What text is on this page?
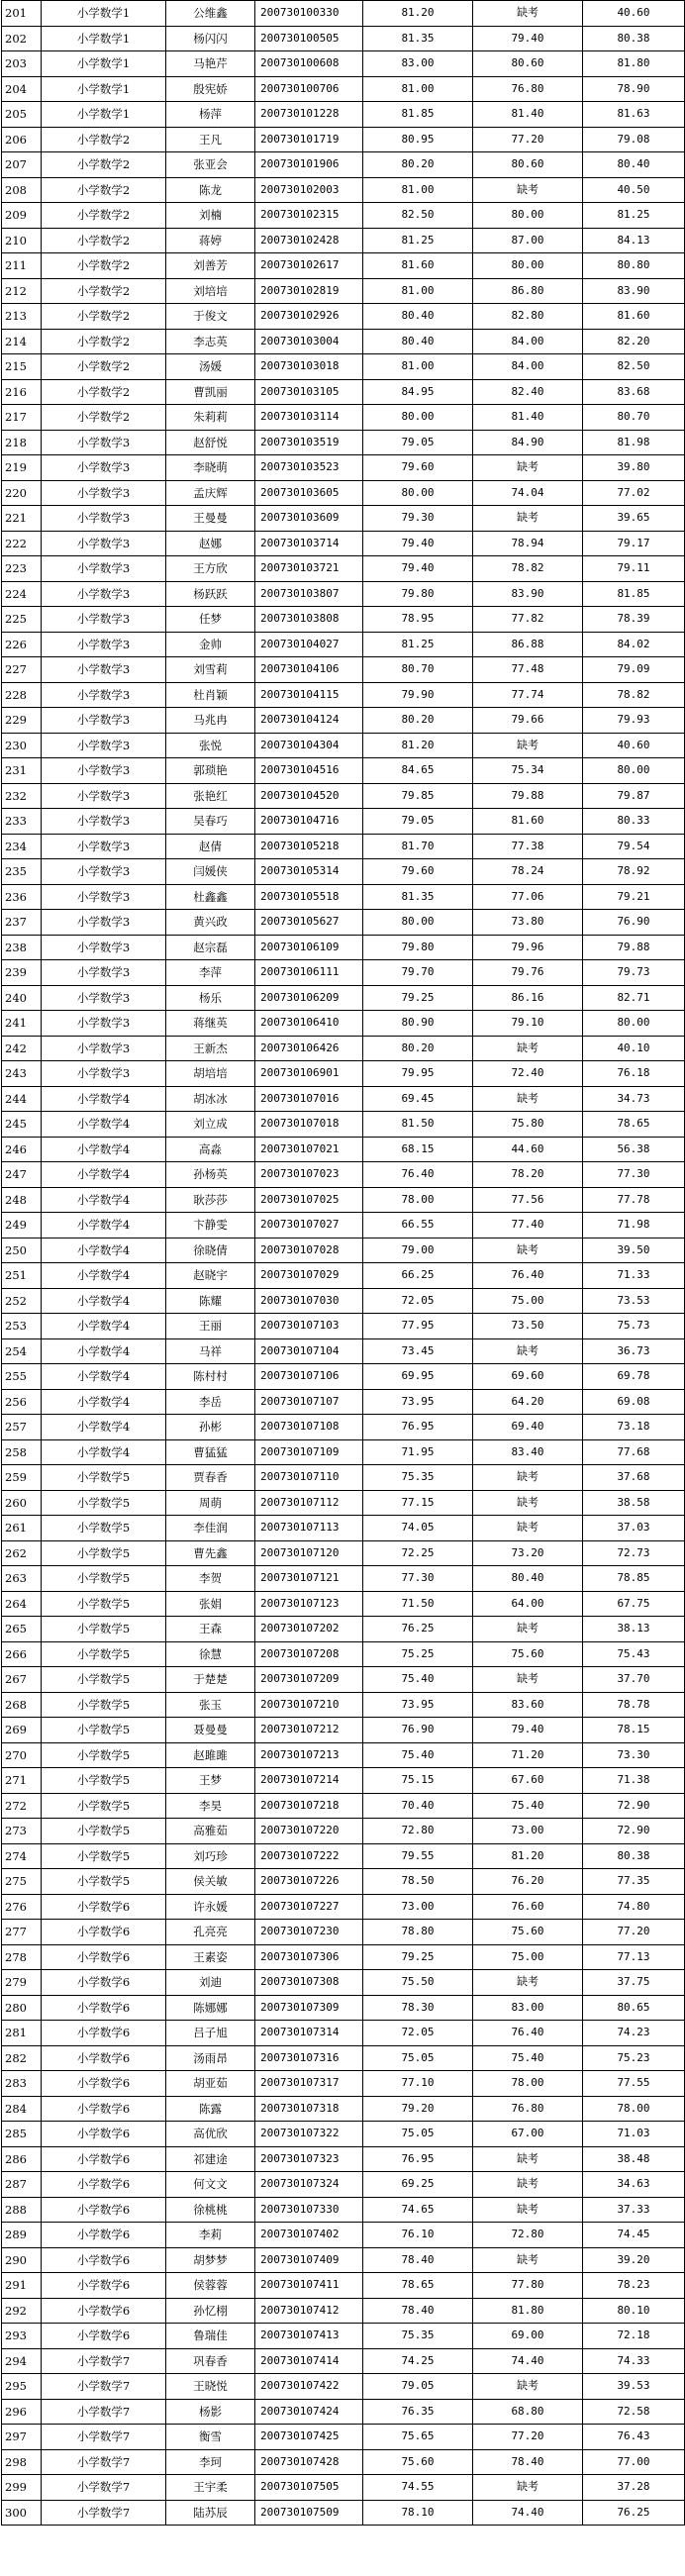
201	小学数学1	公维鑫	200730100330	81.20	缺考	40.60
202	小学数学1	杨闪闪	200730100505	81.35	79.40	80.38
203	小学数学1	马艳芹	200730100608	83.00	80.60	81.80
204	小学数学1	殷宪娇	200730100706	81.00	76.80	78.90
205	小学数学1	杨萍	200730101228	81.85	81.40	81.63
206	小学数学2	王凡	200730101719	80.95	77.20	79.08
207	小学数学2	张亚会	200730101906	80.20	80.60	80.40
208	小学数学2	陈龙	200730102003	81.00	缺考	40.50
209	小学数学2	刘楠	200730102315	82.50	80.00	81.25
210	小学数学2	蒋婷	200730102428	81.25	87.00	84.13
211	小学数学2	刘善芳	200730102617	81.60	80.00	80.80
212	小学数学2	刘培培	200730102819	81.00	86.80	83.90
213	小学数学2	于俊文	200730102926	80.40	82.80	81.60
214	小学数学2	李志英	200730103004	80.40	84.00	82.20
215	小学数学2	汤媛	200730103018	81.00	84.00	82.50
216	小学数学2	曹凯丽	200730103105	84.95	82.40	83.68
217	小学数学2	朱莉莉	200730103114	80.00	81.40	80.70
218	小学数学3	赵舒悦	200730103519	79.05	84.90	81.98
219	小学数学3	李晓萌	200730103523	79.60	缺考	39.80
220	小学数学3	孟庆辉	200730103605	80.00	74.04	77.02
221	小学数学3	王曼曼	200730103609	79.30	缺考	39.65
222	小学数学3	赵娜	200730103714	79.40	78.94	79.17
223	小学数学3	王方欣	200730103721	79.40	78.82	79.11
224	小学数学3	杨跃跃	200730103807	79.80	83.90	81.85
225	小学数学3	任梦	200730103808	78.95	77.82	78.39
226	小学数学3	金帅	200730104027	81.25	86.88	84.02
227	小学数学3	刘雪莉	200730104106	80.70	77.48	79.09
228	小学数学3	杜肖颖	200730104115	79.90	77.74	78.82
229	小学数学3	马兆冉	200730104124	80.20	79.66	79.93
230	小学数学3	张悦	200730104304	81.20	缺考	40.60
231	小学数学3	郭琐艳	200730104516	84.65	75.34	80.00
232	小学数学3	张艳红	200730104520	79.85	79.88	79.87
233	小学数学3	吴春巧	200730104716	79.05	81.60	80.33
234	小学数学3	赵倩	200730105218	81.70	77.38	79.54
235	小学数学3	闫媛侠	200730105314	79.60	78.24	78.92
236	小学数学3	杜鑫鑫	200730105518	81.35	77.06	79.21
237	小学数学3	黄兴政	200730105627	80.00	73.80	76.90
238	小学数学3	赵宗磊	200730106109	79.80	79.96	79.88
239	小学数学3	李萍	200730106111	79.70	79.76	79.73
240	小学数学3	杨乐	200730106209	79.25	86.16	82.71
241	小学数学3	蒋继英	200730106410	80.90	79.10	80.00
242	小学数学3	王新杰	200730106426	80.20	缺考	40.10
243	小学数学3	胡培培	200730106901	79.95	72.40	76.18
244	小学数学4	胡冰冰	200730107016	69.45	缺考	34.73
245	小学数学4	刘立成	200730107018	81.50	75.80	78.65
246	小学数学4	高淼	200730107021	68.15	44.60	56.38
247	小学数学4	孙杨英	200730107023	76.40	78.20	77.30
248	小学数学4	耿莎莎	200730107025	78.00	77.56	77.78
249	小学数学4	卞静雯	200730107027	66.55	77.40	71.98
250	小学数学4	徐晓倩	200730107028	79.00	缺考	39.50
251	小学数学4	赵晓宇	200730107029	66.25	76.40	71.33
252	小学数学4	陈耀	200730107030	72.05	75.00	73.53
253	小学数学4	王丽	200730107103	77.95	73.50	75.73
254	小学数学4	马祥	200730107104	73.45	缺考	36.73
255	小学数学4	陈村村	200730107106	69.95	69.60	69.78
256	小学数学4	李岳	200730107107	73.95	64.20	69.08
257	小学数学4	孙彬	200730107108	76.95	69.40	73.18
258	小学数学4	曹猛猛	200730107109	71.95	83.40	77.68
259	小学数学5	贾春香	200730107110	75.35	缺考	37.68
260	小学数学5	周萌	200730107112	77.15	缺考	38.58
261	小学数学5	李佳润	200730107113	74.05	缺考	37.03
262	小学数学5	曹先鑫	200730107120	72.25	73.20	72.73
263	小学数学5	李贺	200730107121	77.30	80.40	78.85
264	小学数学5	张娟	200730107123	71.50	64.00	67.75
265	小学数学5	王森	200730107202	76.25	缺考	38.13
266	小学数学5	徐慧	200730107208	75.25	75.60	75.43
267	小学数学5	于楚楚	200730107209	75.40	缺考	37.70
268	小学数学5	张玉	200730107210	73.95	83.60	78.78
269	小学数学5	聂曼曼	200730107212	76.90	79.40	78.15
270	小学数学5	赵雎雎	200730107213	75.40	71.20	73.30
271	小学数学5	王梦	200730107214	75.15	67.60	71.38
272	小学数学5	李昊	200730107218	70.40	75.40	72.90
273	小学数学5	高雅茹	200730107220	72.80	73.00	72.90
274	小学数学5	刘巧珍	200730107222	79.55	81.20	80.38
275	小学数学5	侯关敏	200730107226	78.50	76.20	77.35
276	小学数学6	许永媛	200730107227	73.00	76.60	74.80
277	小学数学6	孔亮亮	200730107230	78.80	75.60	77.20
278	小学数学6	王素姿	200730107306	79.25	75.00	77.13
279	小学数学6	刘迪	200730107308	75.50	缺考	37.75
280	小学数学6	陈娜娜	200730107309	78.30	83.00	80.65
281	小学数学6	吕子旭	200730107314	72.05	76.40	74.23
282	小学数学6	汤雨昂	200730107316	75.05	75.40	75.23
283	小学数学6	胡亚茹	200730107317	77.10	78.00	77.55
284	小学数学6	陈露	200730107318	79.20	76.80	78.00
285	小学数学6	高优欣	200730107322	75.05	67.00	71.03
286	小学数学6	祁建途	200730107323	76.95	缺考	38.48
287	小学数学6	何文文	200730107324	69.25	缺考	34.63
288	小学数学6	徐桃桃	200730107330	74.65	缺考	37.33
289	小学数学6	李莉	200730107402	76.10	72.80	74.45
290	小学数学6	胡梦梦	200730107409	78.40	缺考	39.20
291	小学数学6	侯蓉蓉	200730107411	78.65	77.80	78.23
292	小学数学6	孙忆栩	200730107412	78.40	81.80	80.10
293	小学数学6	鲁瑞佳	200730107413	75.35	69.00	72.18
294	小学数学7	巩春香	200730107414	74.25	74.40	74.33
295	小学数学7	王晓悦	200730107422	79.05	缺考	39.53
296	小学数学7	杨影	200730107424	76.35	68.80	72.58
297	小学数学7	衡雪	200730107425	75.65	77.20	76.43
298	小学数学7	李珂	200730107428	75.60	78.40	77.00
299	小学数学7	王宇柔	200730107505	74.55	缺考	37.28
300	小学数学7	陆苏辰	200730107509	78.10	74.40	76.25
